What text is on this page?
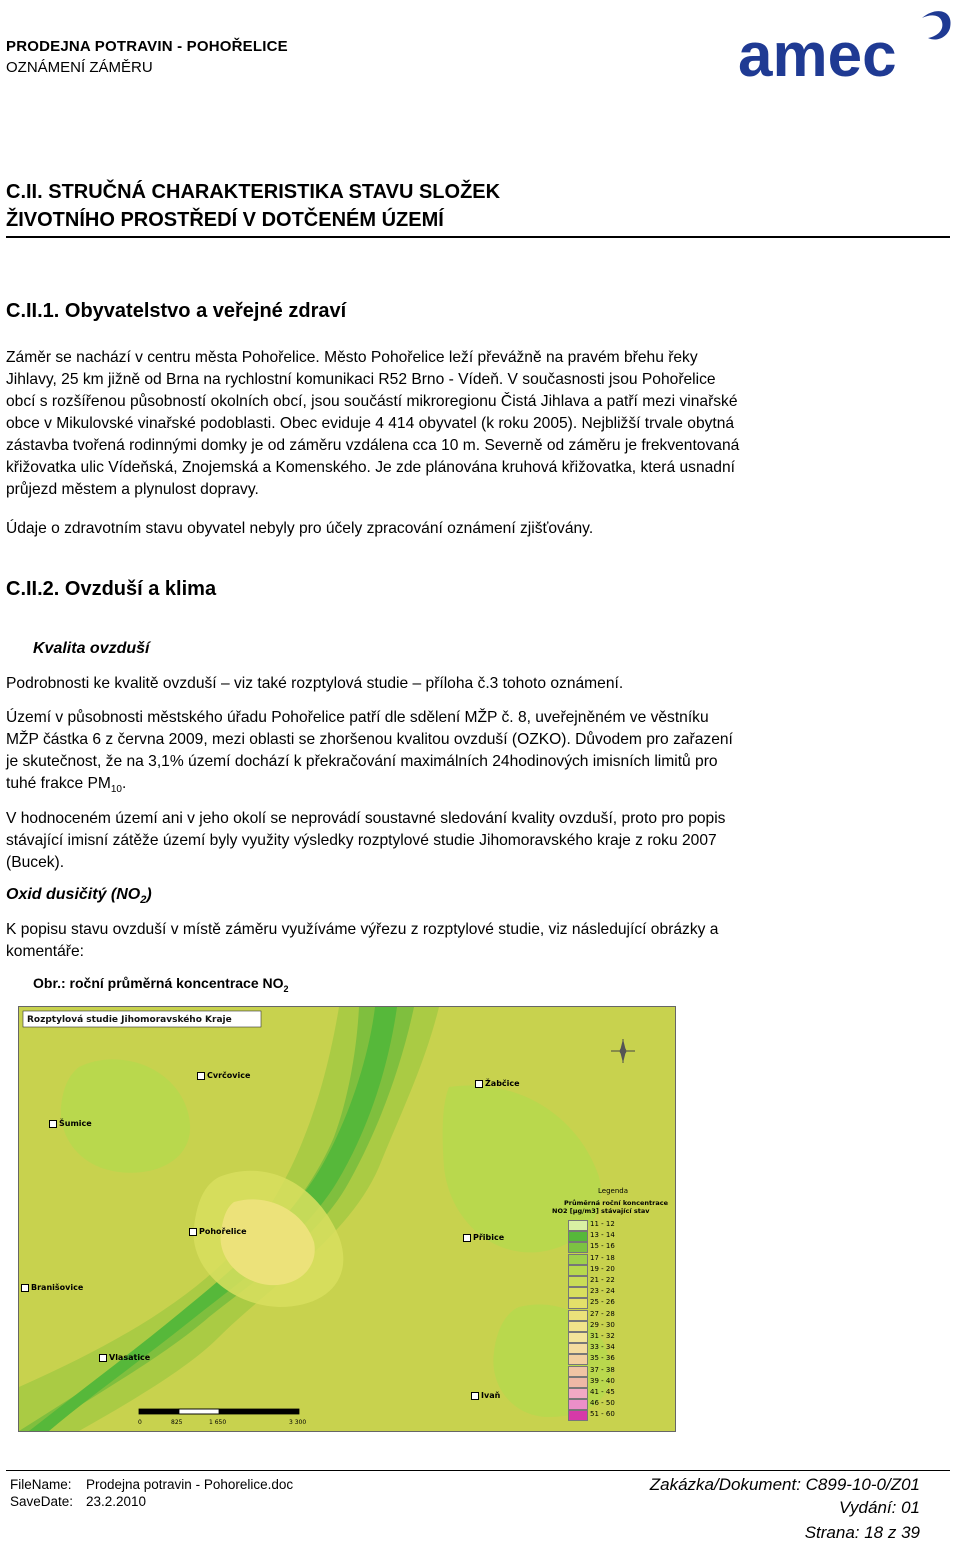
PRODEJNA POTRAVIN - POHOŘELICE
OZNÁMENÍ ZÁMĚRU	amec
C.II. STRUČNÁ CHARAKTERISTIKA STAVU SLOŽEK
ŽIVOTNÍHO PROSTŘEDÍ V DOTČENÉM ÚZEMÍ
C.II.1. Obyvatelstvo a veřejné zdraví
Záměr se nachází v centru města Pohořelice. Město Pohořelice leží převážně na pravém břehu řeky
Jihlavy, 25 km jižně od Brna na rychlostní komunikaci R52 Brno - Vídeň. V současnosti jsou Pohořelice
obcí s rozšířenou působností okolních obcí, jsou součástí mikroregionu Čistá Jihlava a patří mezi vinařské
obce v Mikulovské vinařské podoblasti. Obec eviduje 4 414 obyvatel (k roku 2005). Nejbližší trvale obytná
zástavba tvořená rodinnými domky je od záměru vzdálena cca 10 m. Severně od záměru je frekventovaná
křižovatka ulic Vídeňská, Znojemská a Komenského. Je zde plánována kruhová křižovatka, která usnadní
průjezd městem a plynulost dopravy.
Údaje o zdravotním stavu obyvatel nebyly pro účely zpracování oznámení zjišťovány.
C.II.2. Ovzduší a klima
Kvalita ovzduší
Podrobnosti ke kvalitě ovzduší – viz také rozptylová studie – příloha č.3 tohoto oznámení.
Území v působnosti městského úřadu Pohořelice patří dle sdělení MŽP č. 8, uveřejněném ve věstníku
MŽP částka 6 z června 2009, mezi oblasti se zhoršenou kvalitou ovzduší (OZKO). Důvodem pro zařazení
je skutečnost, že na 3,1% území dochází k překračování maximálních 24hodinových imisních limitů pro
tuhé frakce $PM_{10}$.
V hodnoceném území ani v jeho okolí se neprovádí soustavné sledování kvality ovzduší, proto pro popis
stávající imisní zátěže území byly využity výsledky rozptylové studie Jihomoravského kraje z roku 2007
(Bucek).
Oxid dusičitý $(NO_2)$
K popisu stavu ovzduší v místě záměru využíváme výřezu z rozptylové studie, viz následující obrázky a
komentáře:
Obr.: roční průměrná koncentrace $NO_2$
Rozptylová studie Jihomoravského Kraje
Cvrčovice
Žabčice
Šumice
Pohořelice
Přibice
Branišovice
Vlasatice
Ivaň
0	825	1 650	3 300
Legenda
Průměrná roční koncentrace
NO2 [µg/m3] stávající stav
11 - 12
13 - 14
15 - 16
17 - 18
19 - 20
21 - 22
23 - 24
25 - 26
27 - 28
29 - 30
31 - 32
33 - 34
35 - 36
37 - 38
39 - 40
41 - 45
46 - 50
51 - 60
FileName: Prodejna potravin - Pohorelice.doc
SaveDate: 23.2.2010
Zakázka/Dokument: C899-10-0/Z01
Vydání: 01
Strana: 18 z 39
